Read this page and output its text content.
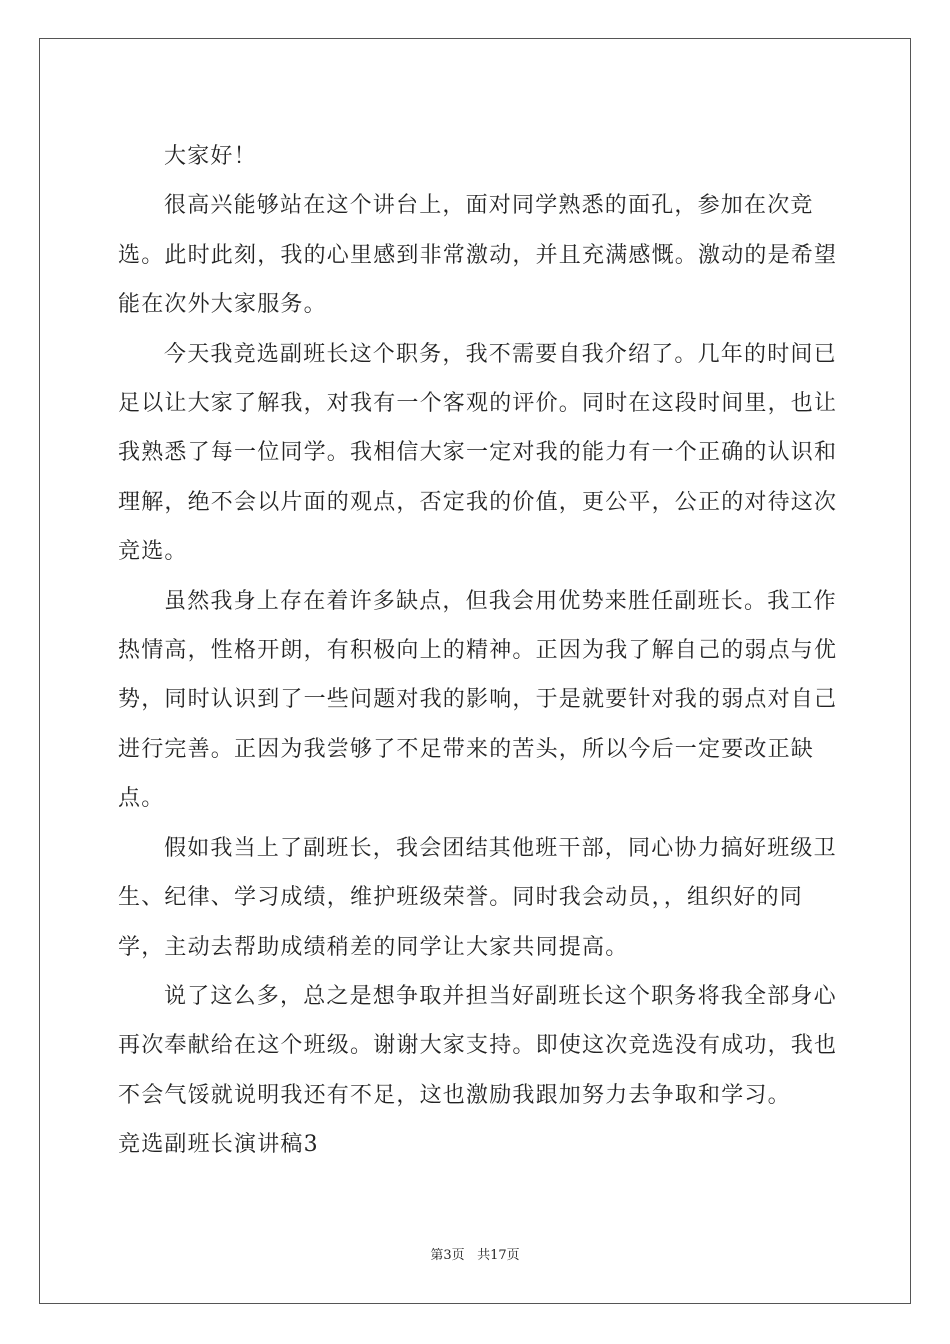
大家好！

很高兴能够站在这个讲台上，面对同学熟悉的面孔，参加在次竞选。此时此刻，我的心里感到非常激动，并且充满感慨。激动的是希望能在次外大家服务。

今天我竞选副班长这个职务，我不需要自我介绍了。几年的时间已足以让大家了解我，对我有一个客观的评价。同时在这段时间里，也让我熟悉了每一位同学。我相信大家一定对我的能力有一个正确的认识和理解，绝不会以片面的观点，否定我的价值，更公平，公正的对待这次竞选。

虽然我身上存在着许多缺点，但我会用优势来胜任副班长。我工作热情高，性格开朗，有积极向上的精神。正因为我了解自己的弱点与优势，同时认识到了一些问题对我的影响，于是就要针对我的弱点对自己进行完善。正因为我尝够了不足带来的苦头，所以今后一定要改正缺点。

假如我当上了副班长，我会团结其他班干部，同心协力搞好班级卫生、纪律、学习成绩，维护班级荣誉。同时我会动员，，组织好的同学，主动去帮助成绩稍差的同学让大家共同提高。

说了这么多，总之是想争取并担当好副班长这个职务将我全部身心再次奉献给在这个班级。谢谢大家支持。即使这次竞选没有成功，我也不会气馁就说明我还有不足，这也激励我跟加努力去争取和学习。

竞选副班长演讲稿3

第3页 共17页
